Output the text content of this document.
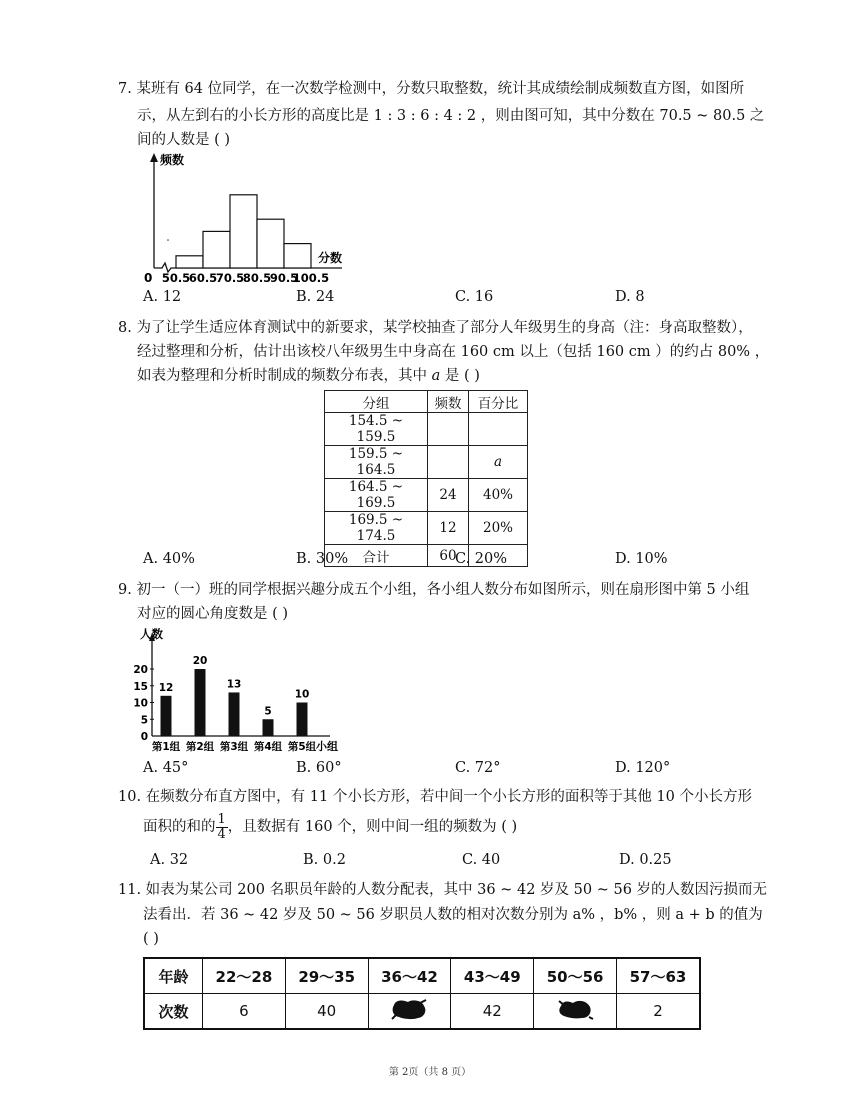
7. 某班有 64 位同学，在一次数学检测中，分数只取整数，统计其成绩绘制成频数直方图，如图所
示，从左到右的小长方形的高度比是 1 : 3 : 6 : 4 : 2 ，则由图可知，其中分数在 70.5 ~ 80.5 之
间的人数是 ( )
频数
分数
0 50.5
60.5
70.5
80.5
90.5
100.5
A. 12	B. 24	C. 16	D. 8
8. 为了让学生适应体育测试中的新要求，某学校抽查了部分人年级男生的身高（注：身高取整数），
经过整理和分析，估计出该校八年级男生中身高在 160 cm 以上（包括 160 cm ）的约占 80% ，
如表为整理和分析时制成的频数分布表，其中 a 是 ( )
分组	频数	百分比
154.5 ~ 159.5		
159.5 ~ 164.5		a
164.5 ~ 169.5	24	40%
169.5 ~ 174.5	12	20%
合计	60	
A. 40%	B. 30%	C. 20%	D. 10%
9. 初一（一）班的同学根据兴趣分成五个小组，各小组人数分布如图所示，则在扇形图中第 5 小组
对应的圆心角度数是 ( )
人数
小组
0
5
10
15
20
第1组 第2组 第3组 第4组 第5组
12
20
13
5
10
A. 45°	B. 60°	C. 72°	D. 120°
10. 在频数分布直方图中，有 11 个小长方形，若中间一个小长方形的面积等于其他 10 个小长方形
面积的和的 $\frac{1}{4}$ ，且数据有 160 个，则中间一组的频数为 ( )
A. 32	B. 0.2	C. 40	D. 0.25
11. 如表为某公司 200 名职员年龄的人数分配表，其中 36 ~ 42 岁及 50 ~ 56 岁的人数因污损而无
法看出．若 36 ~ 42 岁及 50 ~ 56 岁职员人数的相对次数分别为 a% ，b% ，则 a + b 的值为
( )
年龄	22～28	29～35	36～42	43～49	50～56	57～63
次数	6	40		42		2
第 2页（共 8 页）
